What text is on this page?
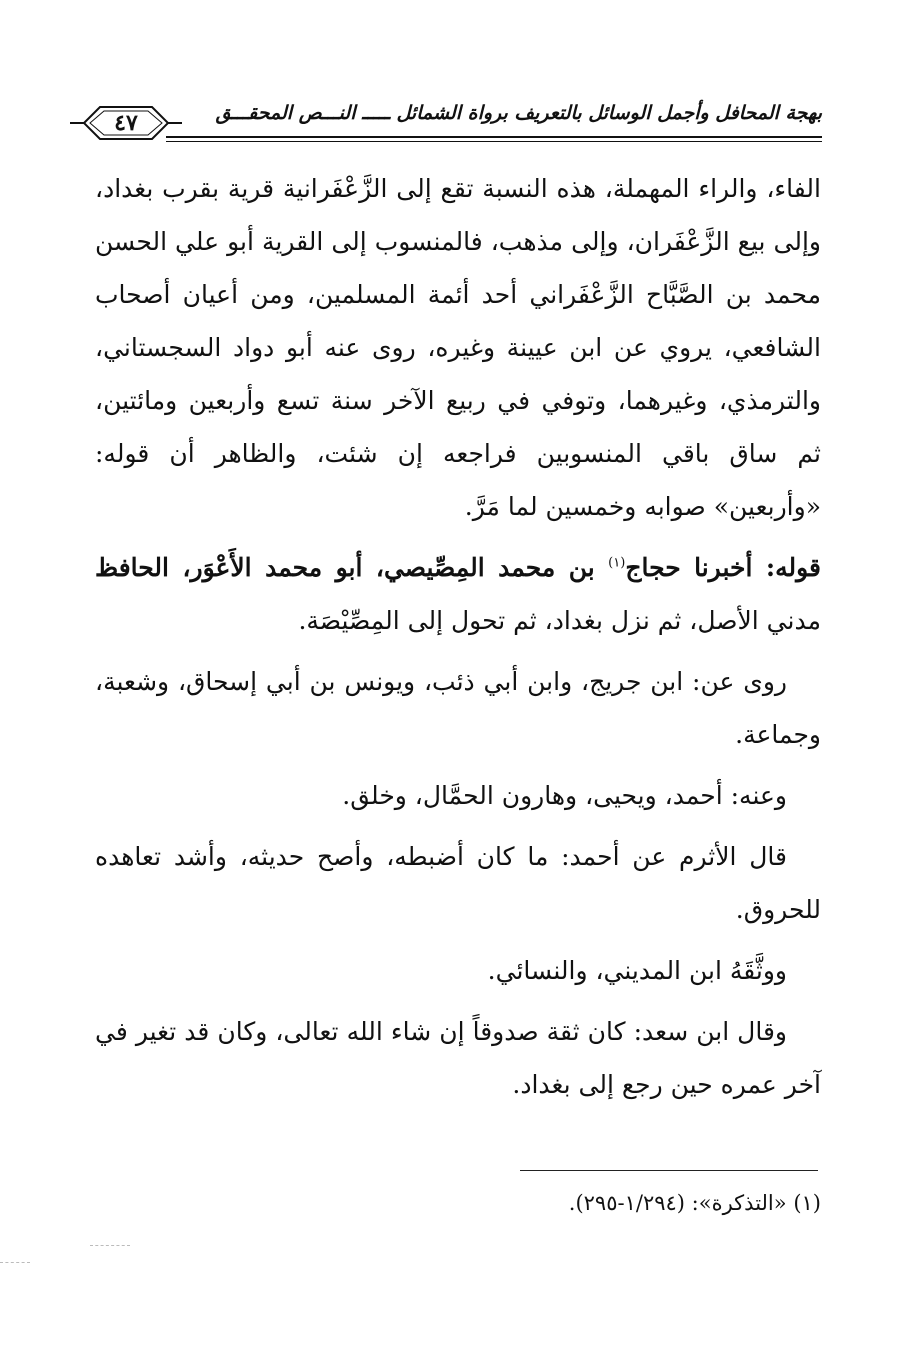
بهجة المحافل وأجمل الوسائل بالتعريف برواة الشمائل ـــــ النـــص المحقـــق
٤٧

الفاء، والراء المهملة، هذه النسبة تقع إلى الزَّعْفَرانية قرية بقرب بغداد، وإلى بيع الزَّعْفَران، وإلى مذهب، فالمنسوب إلى القرية أبو علي الحسن محمد بن الصَّبَّاح الزَّعْفَراني أحد أئمة المسلمين، ومن أعيان أصحاب الشافعي، يروي عن ابن عيينة وغيره، روى عنه أبو دواد السجستاني، والترمذي، وغيرهما، وتوفي في ربيع الآخر سنة تسع وأربعين ومائتين، ثم ساق باقي المنسوبين فراجعه إن شئت، والظاهر أن قوله: «وأربعين» صوابه وخمسين لما مَرَّ.

قوله: أخبرنا حجاج$^{(١)}$ بن محمد المِصِّيصي، أبو محمد الأَعْوَر، الحافظ مدني الأصل، ثم نزل بغداد، ثم تحول إلى المِصِّيْصَة.

روى عن: ابن جريج، وابن أبي ذئب، ويونس بن أبي إسحاق، وشعبة، وجماعة.

وعنه: أحمد، ويحيى، وهارون الحمَّال، وخلق.

قال الأثرم عن أحمد: ما كان أضبطه، وأصح حديثه، وأشد تعاهده للحروق.

ووثَّقَهُ ابن المديني، والنسائي.

وقال ابن سعد: كان ثقة صدوقاً إن شاء الله تعالى، وكان قد تغير في آخر عمره حين رجع إلى بغداد.

(١) «التذكرة»: (١/٢٩٤-٢٩٥).
